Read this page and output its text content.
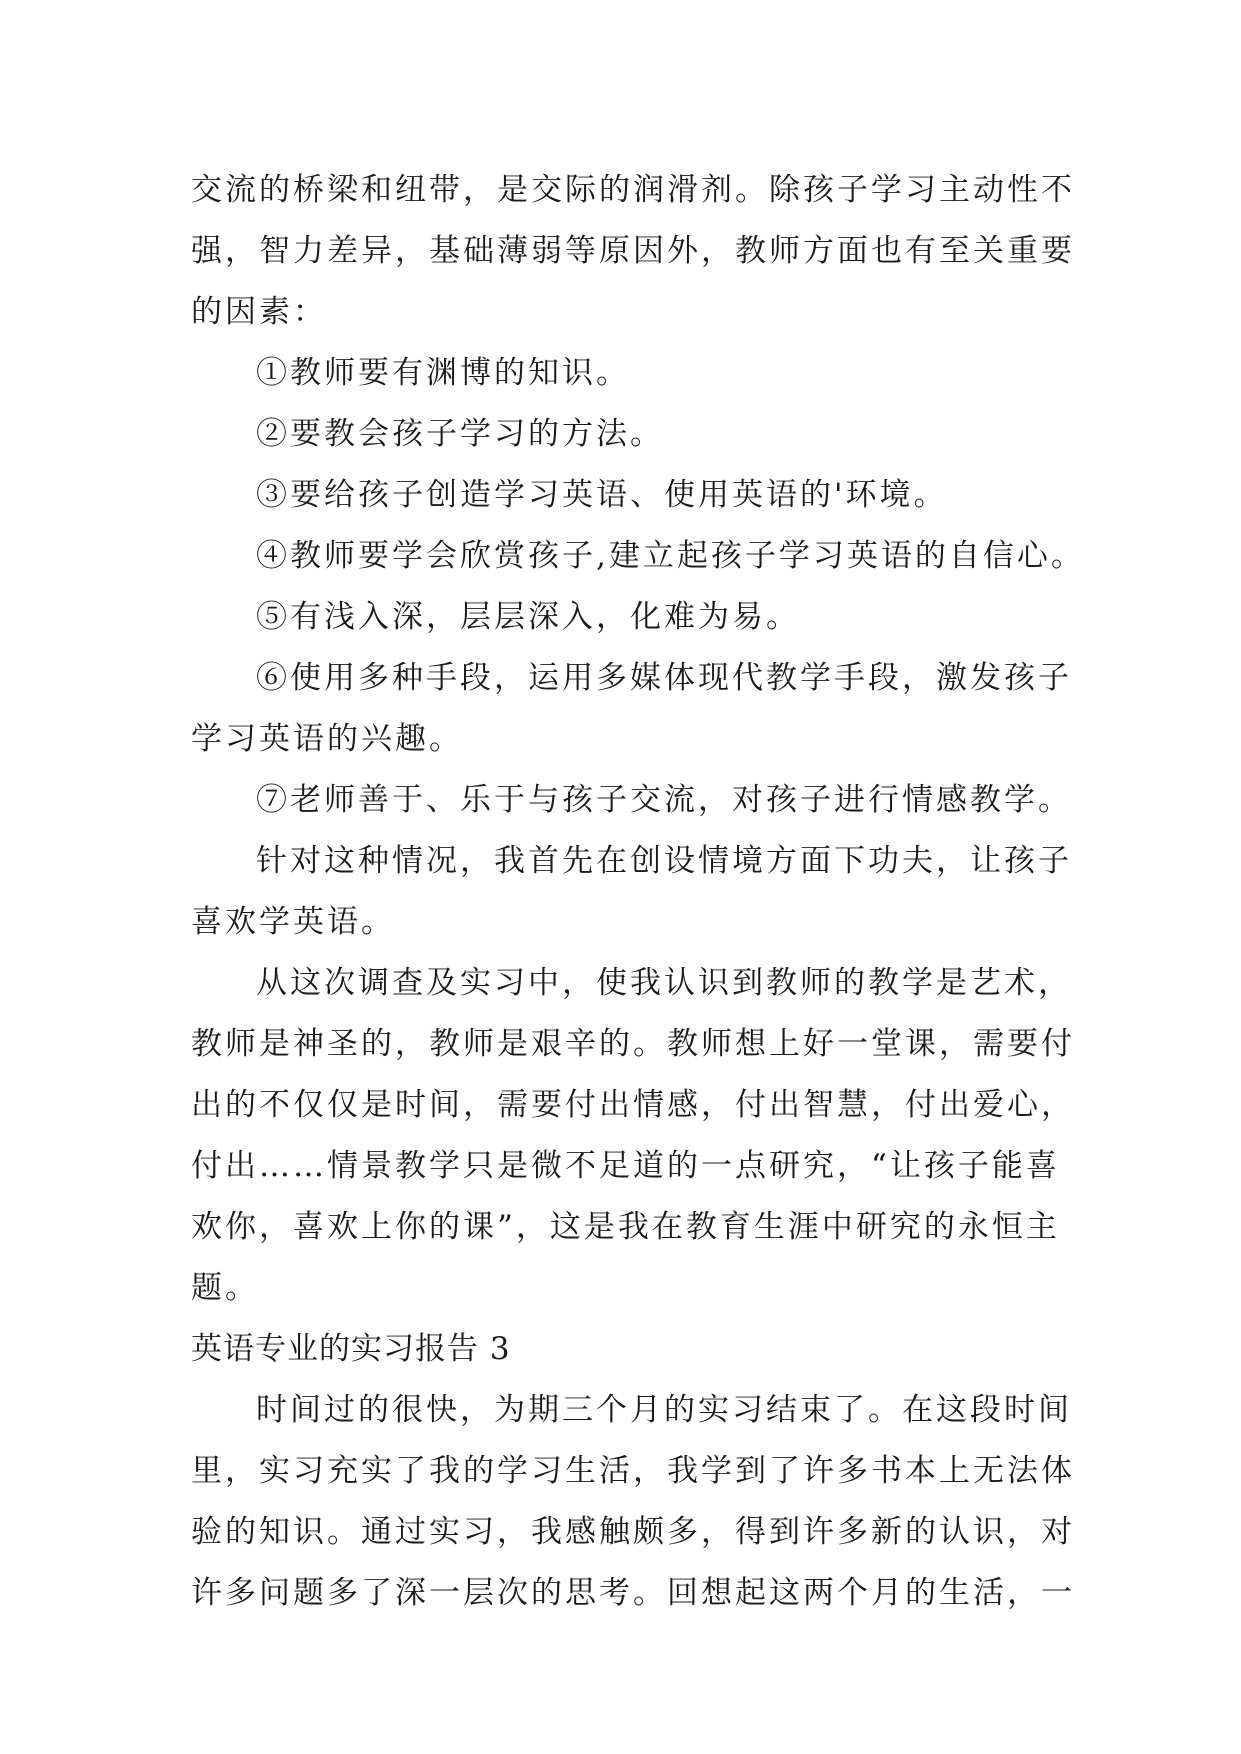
交流的桥梁和纽带，是交际的润滑剂。除孩子学习主动性不
强，智力差异，基础薄弱等原因外，教师方面也有至关重要
的因素：
①教师要有渊博的知识。
②要教会孩子学习的方法。
③要给孩子创造学习英语、使用英语的'环境。
④教师要学会欣赏孩子,建立起孩子学习英语的自信心。
⑤有浅入深，层层深入，化难为易。
⑥使用多种手段，运用多媒体现代教学手段，激发孩子
学习英语的兴趣。
⑦老师善于、乐于与孩子交流，对孩子进行情感教学。
针对这种情况，我首先在创设情境方面下功夫，让孩子
喜欢学英语。
从这次调查及实习中，使我认识到教师的教学是艺术，
教师是神圣的，教师是艰辛的。教师想上好一堂课，需要付
出的不仅仅是时间，需要付出情感，付出智慧，付出爱心，
付出……情景教学只是微不足道的一点研究，“让孩子能喜
欢你，喜欢上你的课”，这是我在教育生涯中研究的永恒主
题。
英语专业的实习报告 3
时间过的很快，为期三个月的实习结束了。在这段时间
里，实习充实了我的学习生活，我学到了许多书本上无法体
验的知识。通过实习，我感触颇多，得到许多新的认识，对
许多问题多了深一层次的思考。回想起这两个月的生活，一
